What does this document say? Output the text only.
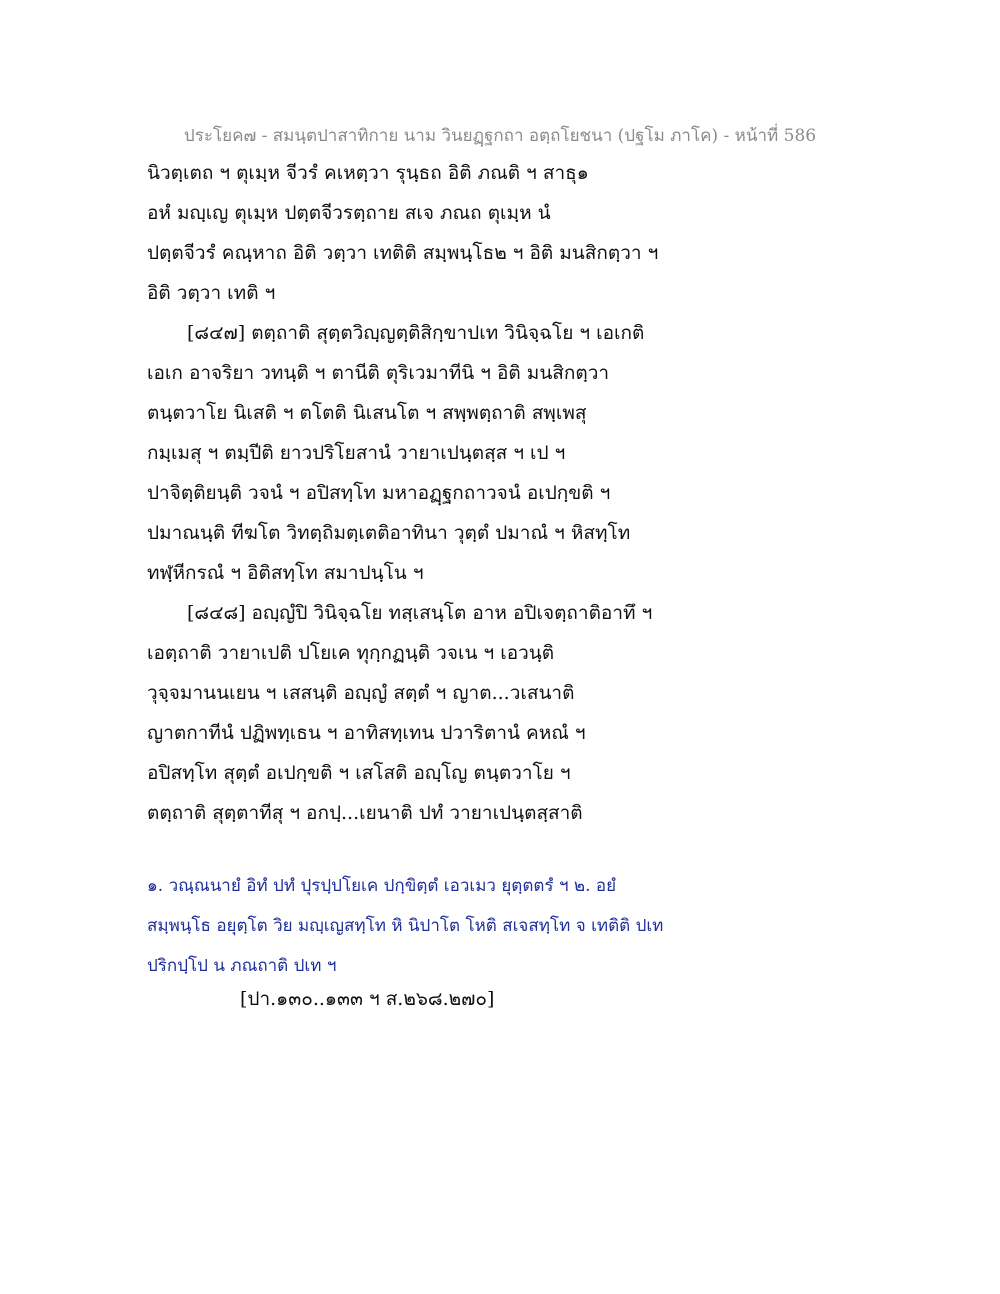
ประโยค๗ - สมนฺตปาสาทิกาย นาม วินยฏฺฐกถา อตฺถโยชนา (ปฐโม ภาโค) - หน้าที่ 586
นิวตฺเตถ ฯ ตุเมฺห จีวรํ คเหตฺวา รุนฺธถ อิติ ภณติ ฯ สาธุ๑
อหํ มญฺเญ ตุเมฺห ปตฺตจีวรตฺถาย สเจ ภณถ ตุเมฺห นํ
ปตฺตจีวรํ คณฺหาถ อิติ วตฺวา เทติติ สมฺพนฺโธ๒ ฯ อิติ มนสิกตฺวา ฯ
อิติ วตฺวา เทติ ฯ
[๘๔๗] ตตฺถาติ สุตฺตวิญฺญตฺติสิกฺขาปเท วินิจฺฉโย ฯ เอเกติ
เอเก อาจริยา วทนฺติ ฯ ตานีติ ตุริเวมาทีนิ ฯ อิติ มนสิกตฺวา
ตนฺตวาโย นิเสติ ฯ ตโตติ นิเสนโต ฯ สพฺพตฺถาติ สพฺเพสุ
กมฺเมสุ ฯ ตมฺปีติ ยาวปริโยสานํ วายาเปนฺตสฺส ฯ เป ฯ
ปาจิตฺติยนฺติ วจนํ ฯ อปิสทฺโท มหาอฏฺฐกถาวจนํ อเปกฺขติ ฯ
ปมาณนฺติ ทีฆโต วิทตฺถิมตฺเตติอาทินา วุตฺตํ ปมาณํ ฯ หิสทฺโท
ทฬฺหีกรณํ ฯ อิติสทฺโท สมาปนฺโน ฯ
[๘๔๘] อญฺญํปิ วินิจฺฉโย ทสฺเสนฺโต อาห อปิเจตฺถาติอาทึ ฯ
เอตฺถาติ วายาเปติ ปโยเค ทุกฺกฏนฺติ วจเน ฯ เอวนฺติ
วุจฺจมานนเยน ฯ เสสนฺติ อญฺญํ สตฺตํ ฯ ญาต...วเสนาติ
ญาตกาทีนํ ปฏิพทฺเธน ฯ อาทิสทฺเทน ปวาริตานํ คหณํ ฯ
อปิสทฺโท สุตฺตํ อเปกฺขติ ฯ เสโสติ อญฺโญ ตนฺตวาโย ฯ
ตตฺถาติ สุตฺตาทีสุ ฯ อกปฺ...เยนาติ ปทํ วายาเปนฺตสฺสาติ
๑. วณฺณนายํ อิทํ ปทํ ปุรปฺปโยเค ปกฺขิตฺตํ เอวเมว ยุตฺตตรํ ฯ ๒. อยํ
สมฺพนฺโธ อยุตฺโต วิย มญฺเญสทฺโท หิ นิปาโต โหติ สเจสทฺโท จ เทติติ ปเท
ปริกปฺโป น ภณถาติ ปเท ฯ
[ปา.๑๓๐..๑๓๓ ฯ ส.๒๖๘.๒๗๐]
